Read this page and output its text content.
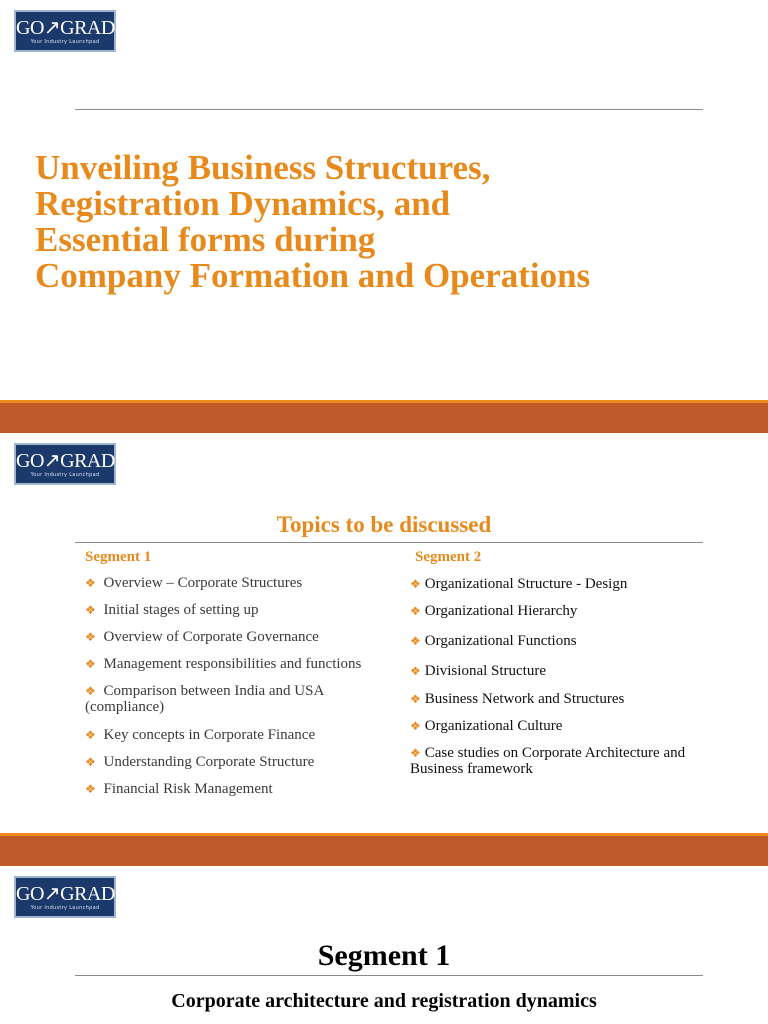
GO↗GRAD
Your Industry Launchpad
Unveiling Business Structures,
Registration Dynamics, and
Essential forms during
Company Formation and Operations
GO↗GRAD
Your Industry Launchpad
Topics to be discussed
Segment 1	Segment 2
❖ Overview – Corporate Structures
❖ Initial stages of setting up
❖ Overview of Corporate Governance
❖ Management responsibilities and functions
❖ Comparison between India and USA (compliance)
❖ Key concepts in Corporate Finance
❖ Understanding Corporate Structure
❖ Financial Risk Management
❖ Organizational Structure - Design
❖ Organizational Hierarchy
❖ Organizational Functions
❖ Divisional Structure
❖ Business Network and Structures
❖ Organizational Culture
❖ Case studies on Corporate Architecture and Business framework
GO↗GRAD
Your Industry Launchpad
Segment 1
Corporate architecture and registration dynamics
